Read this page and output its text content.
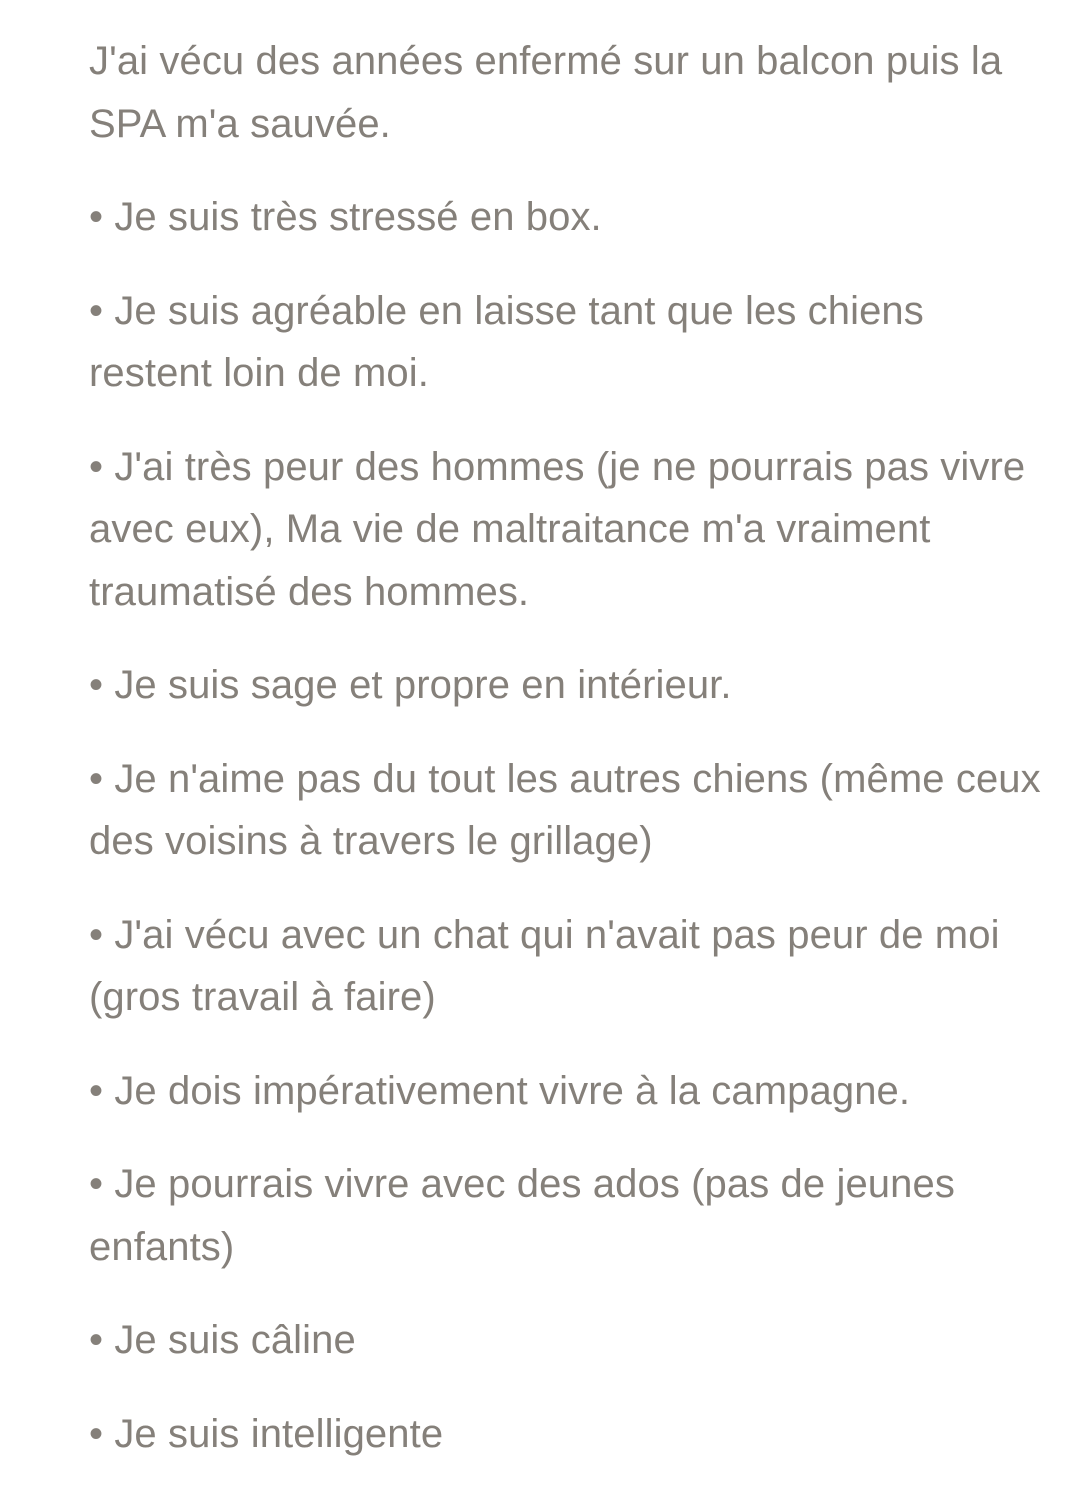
J'ai vécu des années enfermé sur un balcon puis la SPA m'a sauvée.

• Je suis très stressé en box.

• Je suis agréable en laisse tant que les chiens restent loin de moi.

• J'ai très peur des hommes (je ne pourrais pas vivre avec eux), Ma vie de maltraitance m'a vraiment traumatisé des hommes.

• Je suis sage et propre en intérieur.

• Je n'aime pas du tout les autres chiens (même ceux des voisins à travers le grillage)

• J'ai vécu avec un chat qui n'avait pas peur de moi (gros travail à faire)

• Je dois impérativement vivre à la campagne.

• Je pourrais vivre avec des ados (pas de jeunes enfants)

• Je suis câline

• Je suis intelligente
